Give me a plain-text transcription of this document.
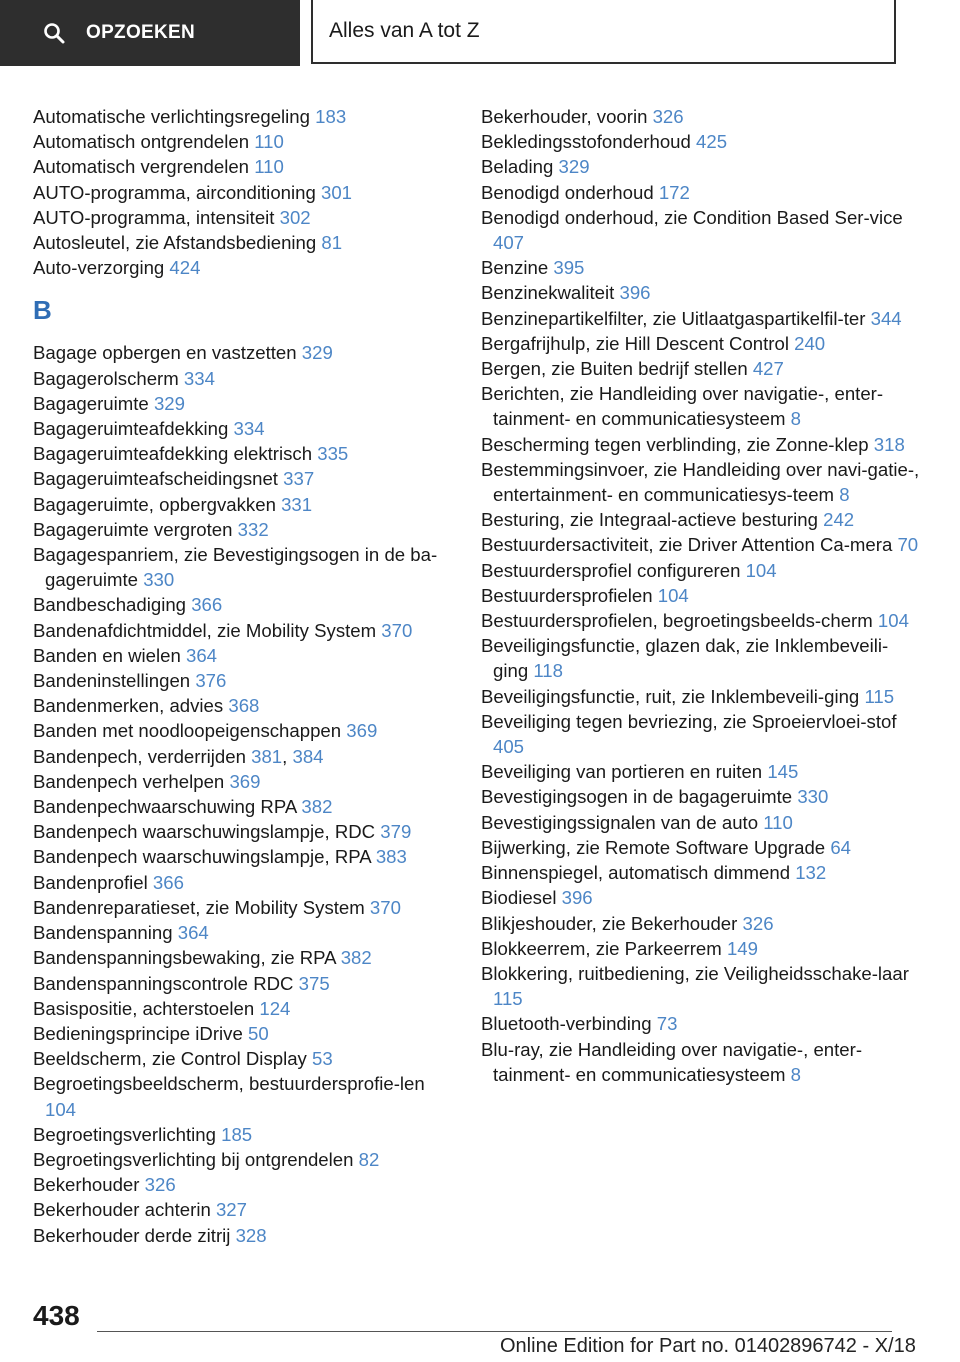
OPZOEKEN	Alles van A tot Z
Automatische verlichtingsregeling 183
Automatisch ontgrendelen 110
Automatisch vergrendelen 110
AUTO-programma, airconditioning 301
AUTO-programma, intensiteit 302
Autosleutel, zie Afstandsbediening 81
Auto-verzorging 424
B
Bagage opbergen en vastzetten 329
Bagagerolscherm 334
Bagageruimte 329
Bagageruimteafdekking 334
Bagageruimteafdekking elektrisch 335
Bagageruimteafscheidingsnet 337
Bagageruimte, opbergvakken 331
Bagageruimte vergroten 332
Bagagespanriem, zie Bevestigingsogen in de ba-gageruimte 330
Bandbeschadiging 366
Bandenafdichtmiddel, zie Mobility System 370
Banden en wielen 364
Bandeninstellingen 376
Bandenmerken, advies 368
Banden met noodloopeigenschappen 369
Bandenpech, verderrijden 381, 384
Bandenpech verhelpen 369
Bandenpechwaarschuwing RPA 382
Bandenpech waarschuwingslampje, RDC 379
Bandenpech waarschuwingslampje, RPA 383
Bandenprofiel 366
Bandenreparatieset, zie Mobility System 370
Bandenspanning 364
Bandenspanningsbewaking, zie RPA 382
Bandenspanningscontrole RDC 375
Basispositie, achterstoelen 124
Bedieningsprincipe iDrive 50
Beeldscherm, zie Control Display 53
Begroetingsbeeldscherm, bestuurdersprofie-len 104
Begroetingsverlichting 185
Begroetingsverlichting bij ontgrendelen 82
Bekerhouder 326
Bekerhouder achterin 327
Bekerhouder derde zitrij 328
Bekerhouder, voorin 326
Bekledingsstofonderhoud 425
Belading 329
Benodigd onderhoud 172
Benodigd onderhoud, zie Condition Based Ser-vice 407
Benzine 395
Benzinekwaliteit 396
Benzinepartikelfilter, zie Uitlaatgaspartikelfil-ter 344
Bergafrijhulp, zie Hill Descent Control 240
Bergen, zie Buiten bedrijf stellen 427
Berichten, zie Handleiding over navigatie-, enter-tainment- en communicatiesysteem 8
Bescherming tegen verblinding, zie Zonne-klep 318
Bestemmingsinvoer, zie Handleiding over navi-gatie-, entertainment- en communicatiesys-teem 8
Besturing, zie Integraal-actieve besturing 242
Bestuurdersactiviteit, zie Driver Attention Ca-mera 70
Bestuurdersprofiel configureren 104
Bestuurdersprofielen 104
Bestuurdersprofielen, begroetingsbeelds-cherm 104
Beveiligingsfunctie, glazen dak, zie Inklembeveili-ging 118
Beveiligingsfunctie, ruit, zie Inklembeveili-ging 115
Beveiliging tegen bevriezing, zie Sproeiervloei-stof 405
Beveiliging van portieren en ruiten 145
Bevestigingsogen in de bagageruimte 330
Bevestigingssignalen van de auto 110
Bijwerking, zie Remote Software Upgrade 64
Binnenspiegel, automatisch dimmend 132
Biodiesel 396
Blikjeshouder, zie Bekerhouder 326
Blokkeerrem, zie Parkeerrem 149
Blokkering, ruitbediening, zie Veiligheidsschake-laar 115
Bluetooth-verbinding 73
Blu-ray, zie Handleiding over navigatie-, enter-tainment- en communicatiesysteem 8
438
Online Edition for Part no. 01402896742 - X/18
